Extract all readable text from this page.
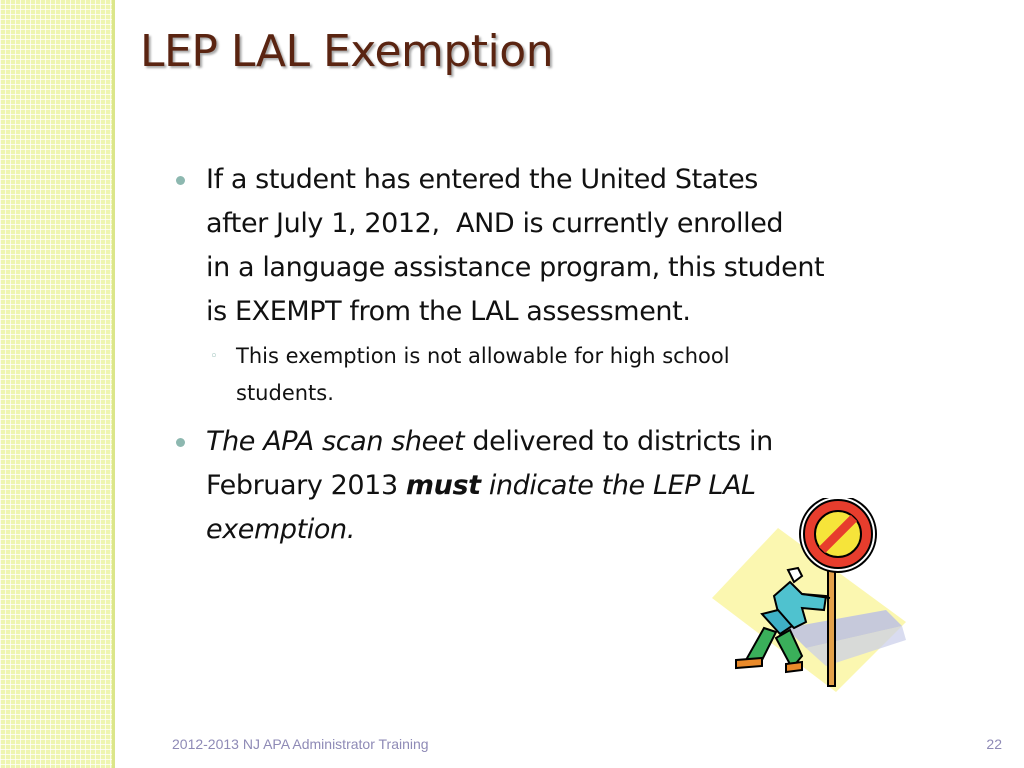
LEP LAL Exemption
If a student has entered the United States
after July 1, 2012,  AND is currently enrolled
in a language assistance program, this student
is EXEMPT from the LAL assessment.
◦ This exemption is not allowable for high school
students.
The APA scan sheet delivered to districts in
February 2013 must indicate the LEP LAL
exemption.
2012-2013 NJ APA Administrator Training	22
